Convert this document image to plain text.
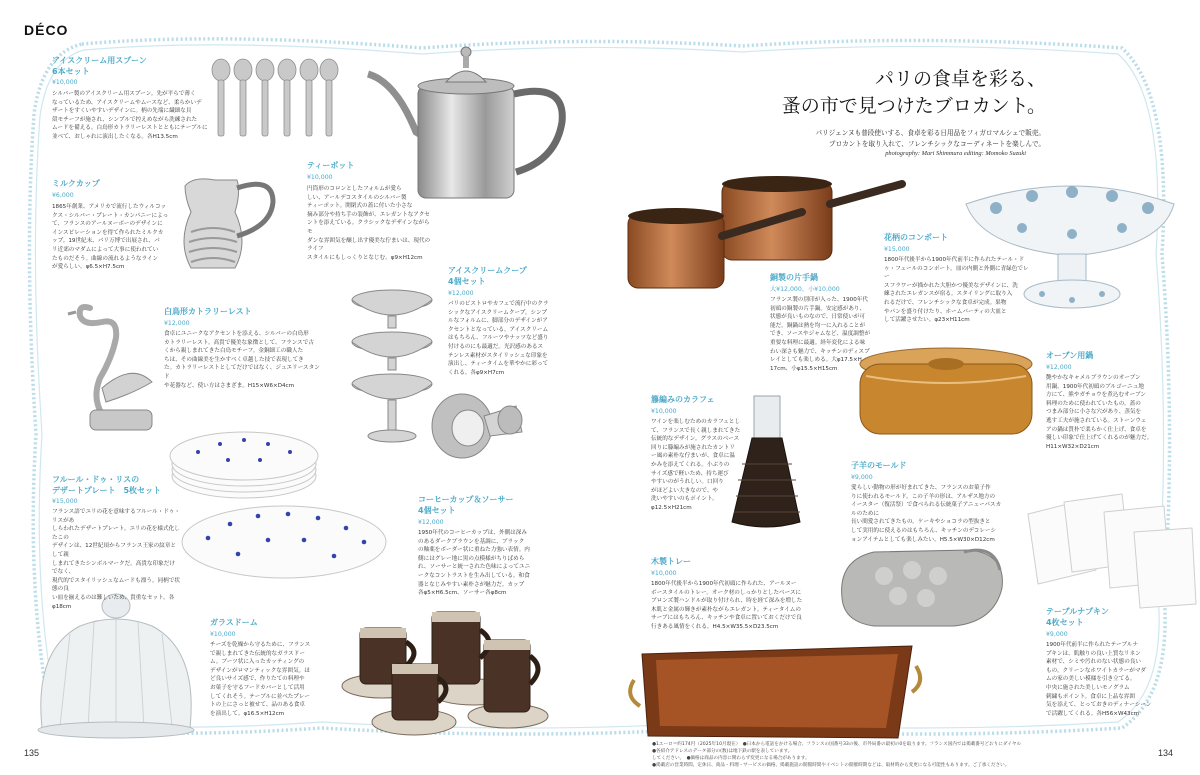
DÉCO
パリの食卓を彩る、
蚤の市で見つけたブロカント。
パリジェンヌも普段使いする、食卓を彩る日用品をフィガロマルシェで販売。
ブロカントを取り入れて、フレンチシックなコーディネートを楽しんで。
photography: Mari Shimmura editing: Momoko Suzuki
アイスクリーム用スプーン
6本セット
¥10,000
シルバー製のアイスクリーム用スプーン。先が平らで薄く
なっているため、アイスクリームやムースなど、柔らかいデ
ザートをすくいやすいデザインに。柄の先端に繊細な貝
殻モチーフが施され、シンプルで控えめながら洗練された
ムードを備える。白鳥形カトラリーレストとともにテーブルに
並べて、おしゃれに演出したくなる。各H13.5cm
ティーポット
¥10,000
円筒形のコロンとしたフォルムが愛ら
しい、アールデコスタイルのシルバー製
ティーポット。開閉式の蓋に付いた小さな
摘み部分や持ち手の装飾が、エレガントなアクセ
ントを添えている。クラシックなデザインながらモ
ダンな雰囲気を醸し出す優美な佇まいは、現代のライフ
スタイルにもしっくりとなじむ。φ9×H12cm
ミルクカップ
¥6,000
1865年創業、アメリカで流行したウィルコッ
クス・シルバー・プレート・カンパニーによっ
て、フランスのアールヌーボーのデザインに
インスピレーションを得て作られたミルクカ
ップ。19世紀末、パリ万博で出展され、パ
リ近郊のマダムによって大事に使われてい
たものだそう。曲線の流れるようなライン
が愛らしい。φ6.5×H7.5cm
白鳥形カトラリーレスト
¥12,000
食卓にユニークなアクセントを添える、シルバーの白鳥形
カトラリーレスト。高貴で優美な象徴として、フランスで古
くから親しまれてきた白鳥モチーフ。金銅細工の職人た
ちは、その曲線美を生かすべく卓越した技で表現してき
た。カトラリーレストとしてだけではなく、ジュエリースタンド
や花器など、使い方はさまざま。H15×W6×D4cm
アイスクリームクープ
4個セット
¥12,000
パリのビストロやカフェで流行中のクラ
シックなアイスクリームクープ。シンプ
ルなフォルムに、脚部分のデザインがア
クセントとなっている。アイスクリーム
はもちろん、フルーツやナッツなど盛り
付けるのにも最適だ。光沢感のあるス
テンレス素材がスタイリッシュな印象を
演出し、ティータイムを華やかに彩って
くれる。各φ9×H7cm
フルール・ドゥ・リスの
デザートプレート　5枚セット
¥15,000
フランス語でユリの花を意味するフルール・ドゥ・リスがあ
しらわれたデザートプレート。ユリの花を様式化したこの
デザインは、12世紀頃からフランス王家の紋章として親
しまれてきたシンボルマークだ。高貴な印象だけでなく、
現代的でスタイリッシュなムードも漂う。同柄で状態の良
い皿を揃えるのは難しいため、貴重なセット。各φ18cm
コーヒーカップ＆ソーサー
4個セット
¥12,000
1950年代のコーヒーカップは、外側は深み
のあるダークブラウンを基調に、ブラック
の釉薬をボーダー状に重ねた力強い表情。内
側にはグレー地に黒の点模様がちりばめら
れ、ソーサーと統一された色味によってユニ
ークなコントラストを生み出している。和食
器となじみやすい素朴さが魅力だ。カップ
各φ5×H6.5cm、ソーサー各φ8cm
ガラスドーム
¥10,000
チーズを乾燥から守るために、フランス
で親しまれてきた伝統的なガラスドー
ム。ブーツ状に入ったカッティングの
デザインがロマンティックな雰囲気。ほ
ど良いサイズ感で、作りたての料理や
お菓子を守るフードカバーとして活用
してくれそう。テーブルに並べたプレー
トの上にさっと被せて、品のある食卓
を演出して。φ16.5×H12cm
銅製の片手鍋
大¥12,000、小¥10,000
フランス製の別印が入った、1900年代
初頭の銅製の片手鍋。安定感があり、
状態が良いものなので、日常使いが可
能だ。銅鍋は熱を均一に入れることが
でき、ソースやジャムなど、温度調整が
重要な料理に最適。経年変化による味
わい深さも魅力で、キッチンのディスプ
レイとしても楽しめる。大φ17.5×H
17cm、小φ15.5×H15cm
花柄のコンポート
¥15,000
1800年代後半から1900年代前半に作られたテール・ド
ゥ・フェールのコンポート。皿の内側と外側に青緑色でレー
スフラワーが描かれた大胆かつ優美なデザインに、洗
練されたエレガンスが宿る。スタイリングに取り入
れるだけで、フレンチシックな食卓が完成。果物
やパンを盛り付けたり、ホームパーティの大皿と
して活躍させたい。φ23×H11cm
籐編みのカラフェ
¥10,000
ワインを楽しむためのカラフェとし
て、フランスで長く親しまれてきた
伝統的なデザイン。グラスのベース
回りに籐編みが施されたカントリ
ー風の素朴な佇まいが、食卓に温
かみを添えてくれる。小ぶりの
サイズ感で軽いため、持ち運び
やすいのがうれしい。口回り
がほどよい大きなので、や
洗いやすいのもポイント。
φ12.5×H21cm
オーブン用鍋
¥12,000
艶やかなキャメルブラウンのオーブン
用鍋。1900年代初頭のブルゴーニュ地
方にて、熊やガチョウを煮込むオーブン
料理のために使われていたもの。蓋の
つまみ部分に小さな穴があり、蒸気を
逃す工夫が施されている。ストーンウェ
アの鍋は質朴で柔らかく仕上げ、食卓を
優しい印象で仕上げてくれるのが魅力だ。
H11×W32×D21cm
子羊のモールド
¥9,000
愛らしい動物の形が好まれてきた、フランスのお菓子作
りに使われるモールド。この子羊の形は、アルザス地方の
イースター（復活祭）で食べられる伝統菓子アニューパスカルのために
長い間愛されてきたもの。ケーキやショコラの型抜きと
して実用的に使えるのはもちろん、キッチンのデコレーシ
ョンアイテムとしても楽しみたい。H5.5×W30×D12cm
木製トレー
¥10,000
1800年代後半から1900年代初頭に作られた、アールヌー
ボースタイルのトレー。オーク材のしっかりとしたベースに
ブロンズ製ハンドルが取り付けられ、時を経て深みを増した
木肌と金属の輝きが素朴ながらエレガント。ティータイムの
サーブにはもちろん、キッチンや食卓に置いておくだけで良
行きある風情をくれる。H4.5×W35.5×D23.5cm
テーブルナプキン
4枚セット
¥9,000
1900年代前半に作られたテーブルナ
プキンは、肌触りの良い上質なリネン
素材で、シミや汚れのない状態の良い
もの。クリーンなホワイトカラーがマダ
ムの家の美しい模様を引き立てる。
中央に施された美しいモノグラム
刺繍もポイント。食卓に上品な雰囲
気を添えて、とっておきのディナーシーン
で活躍してくれる。各H56×W43cm
135	134
●1ユーロ＝約174円（2025年10月現在）　●日本から電話をかける場合、フランスの国番号33の後、市外局番の最初の0を取ります。フランス国内では掲載番号どおりにダイヤル
●各紹介アドレスのデータ部分の(数)は地下鉄の駅を表しています。
してください。　●価格は商品の内容に関わらず変更になる場合があります。
●掲載店の営業時間、定休日、商品・料理・サービスの価格、掲載施設の開館時間やイベントの開催時期などは、取材時から変更になる可能性もあります。ご了承ください。
